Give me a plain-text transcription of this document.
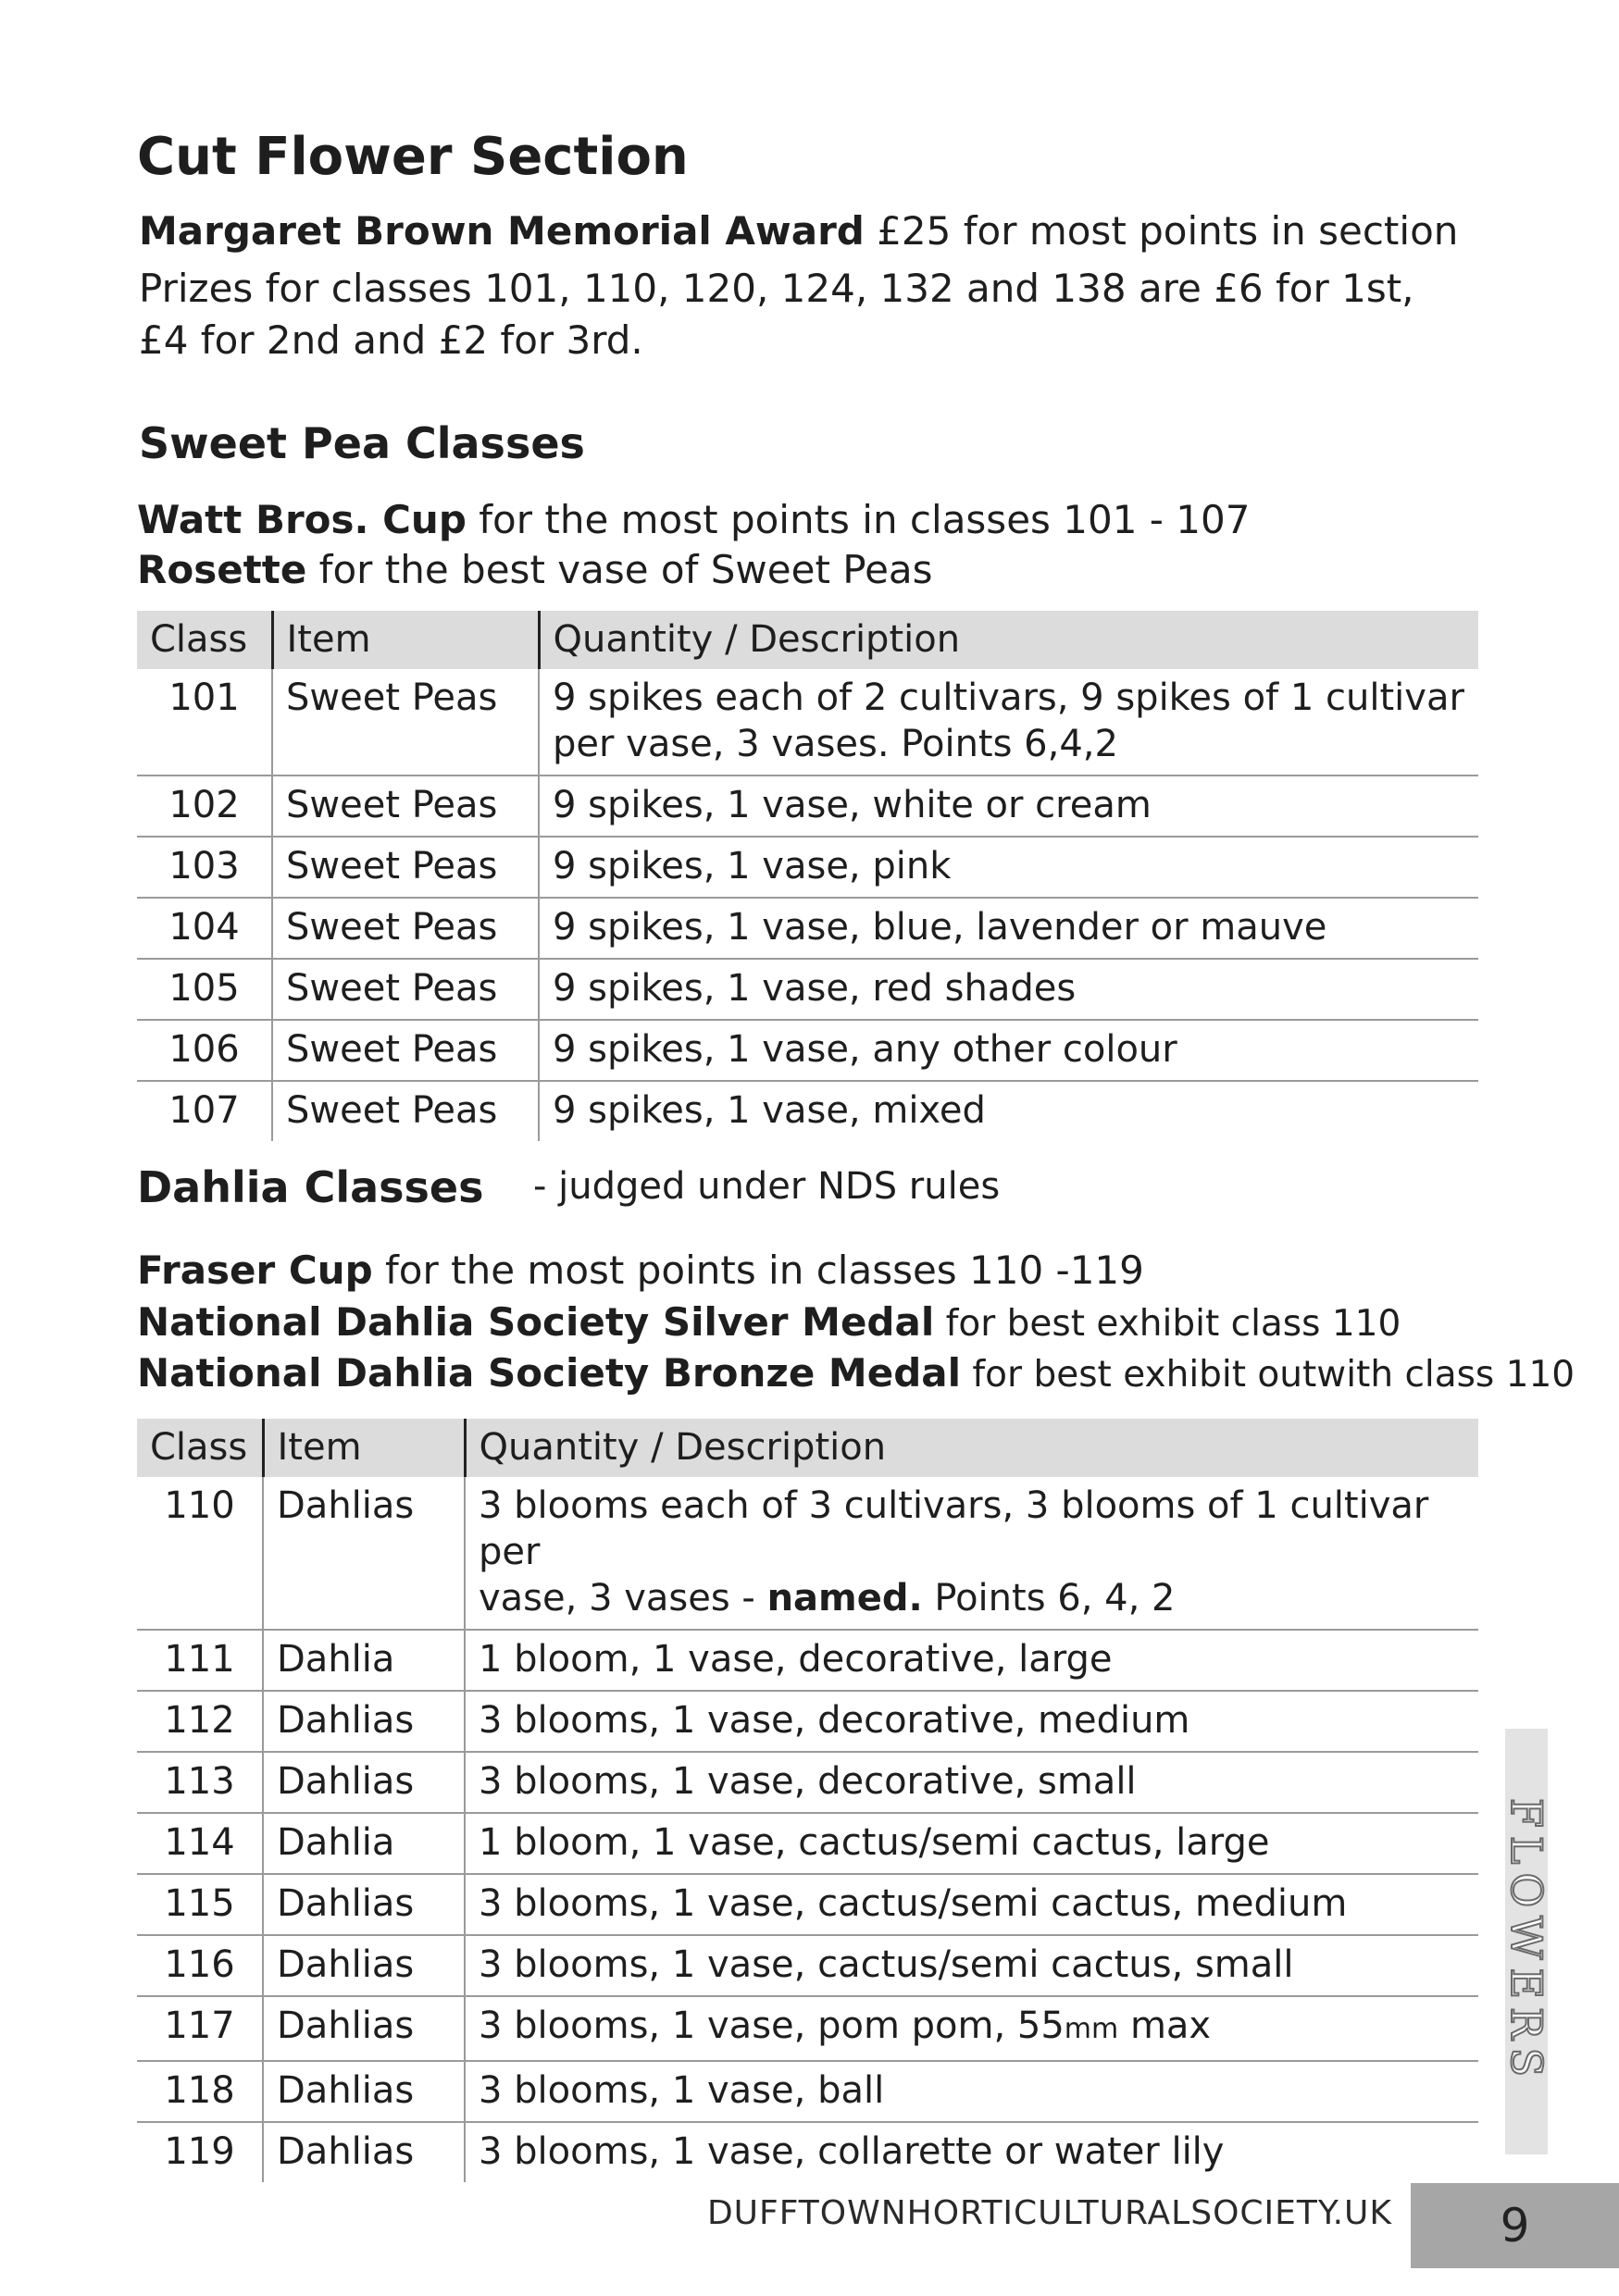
Cut Flower Section

Margaret Brown Memorial Award £25 for most points in section

Prizes for classes 101, 110, 120, 124, 132 and 138 are £6 for 1st,

£4 for 2nd and £2 for 3rd.

Sweet Pea Classes

Watt Bros. Cup for the most points in classes 101 - 107

Rosette for the best vase of Sweet Peas

Class	Item	Quantity / Description
101	Sweet Peas	9 spikes each of 2 cultivars, 9 spikes of 1 cultivar
per vase, 3 vases. Points 6,4,2
102	Sweet Peas	9 spikes, 1 vase, white or cream
103	Sweet Peas	9 spikes, 1 vase, pink
104	Sweet Peas	9 spikes, 1 vase, blue, lavender or mauve
105	Sweet Peas	9 spikes, 1 vase, red shades
106	Sweet Peas	9 spikes, 1 vase, any other colour
107	Sweet Peas	9 spikes, 1 vase, mixed
Dahlia Classes - judged under NDS rules

Fraser Cup for the most points in classes 110 -119

National Dahlia Society Silver Medal for best exhibit class 110

National Dahlia Society Bronze Medal for best exhibit outwith class 110

Class	Item	Quantity / Description
110	Dahlias	3 blooms each of 3 cultivars, 3 blooms of 1 cultivar per
vase, 3 vases - named. Points 6, 4, 2
111	Dahlia	1 bloom, 1 vase, decorative, large
112	Dahlias	3 blooms, 1 vase, decorative, medium
113	Dahlias	3 blooms, 1 vase, decorative, small
114	Dahlia	1 bloom, 1 vase, cactus/semi cactus, large
115	Dahlias	3 blooms, 1 vase, cactus/semi cactus, medium
116	Dahlias	3 blooms, 1 vase, cactus/semi cactus, small
117	Dahlias	3 blooms, 1 vase, pom pom, 55mm max
118	Dahlias	3 blooms, 1 vase, ball
119	Dahlias	3 blooms, 1 vase, collarette or water lily
FLOWERS
DUFFTOWNHORTICULTURALSOCIETY.UK	9
